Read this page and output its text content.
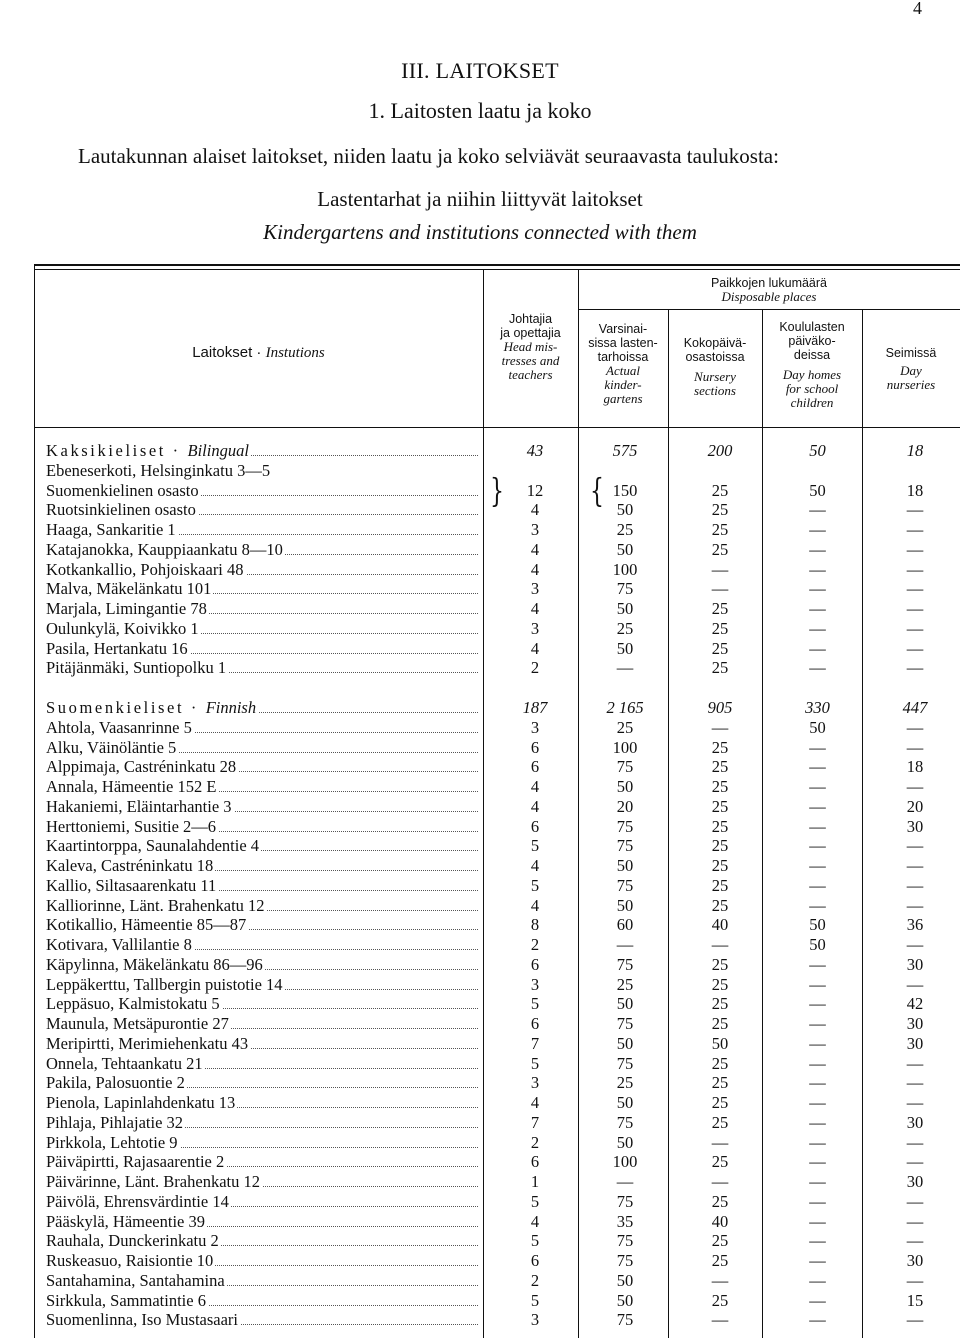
4
III. LAITOKSET
1. Laitosten laatu ja koko
Lautakunnan alaiset laitokset, niiden laatu ja koko selviävät seuraavasta taulukosta:
Lastentarhat ja niihin liittyvät laitokset
Kindergartens and institutions connected with them
Laitokset · Instutions
Johtajia
ja opettajia
Head mis-
tresses and
teachers
Paikkojen lukumäärä
Disposable places
Varsinai-
sissa lasten-
tarhoissa
Actual
kinder-
gartens
Kokopäivä-
osastoissa
Nursery
sections
Koululasten
päiväko-
deissa
Day homes
for school
children
Seimissä
Day
nurseries
Kaksikieliset · Bilingual	43	575	200	50	18
Ebeneserkoti, Helsinginkatu 3—5
Suomenkielinen osasto	12	150	25	50	18
Ruotsinkielinen osasto	4	50	25	—	—
Haaga, Sankaritie 1	3	25	25	—	—
Katajanokka, Kauppiaankatu 8—10	4	50	25	—	—
Kotkankallio, Pohjoiskaari 48	4	100	—	—	—
Malva, Mäkelänkatu 101	3	75	—	—	—
Marjala, Limingantie 78	4	50	25	—	—
Oulunkylä, Koivikko 1	3	25	25	—	—
Pasila, Hertankatu 16	4	50	25	—	—
Pitäjänmäki, Suntiopolku 1	2	—	25	—	—
Suomenkieliset · Finnish	187	2 165	905	330	447
Ahtola, Vaasanrinne 5	3	25	—	50	—
Alku, Väinöläntie 5	6	100	25	—	—
Alppimaja, Castréninkatu 28	6	75	25	—	18
Annala, Hämeentie 152 E	4	50	25	—	—
Hakaniemi, Eläintarhantie 3	4	20	25	—	20
Herttoniemi, Susitie 2—6	6	75	25	—	30
Kaartintorppa, Saunalahdentie 4	5	75	25	—	—
Kaleva, Castréninkatu 18	4	50	25	—	—
Kallio, Siltasaarenkatu 11	5	75	25	—	—
Kalliorinne, Länt. Brahenkatu 12	4	50	25	—	—
Kotikallio, Hämeentie 85—87	8	60	40	50	36
Kotivara, Vallilantie 8	2	—	—	50	—
Käpylinna, Mäkelänkatu 86—96	6	75	25	—	30
Leppäkerttu, Tallbergin puistotie 14	3	25	25	—	—
Leppäsuo, Kalmistokatu 5	5	50	25	—	42
Maunula, Metsäpurontie 27	6	75	25	—	30
Meripirtti, Merimiehenkatu 43	7	50	50	—	30
Onnela, Tehtaankatu 21	5	75	25	—	—
Pakila, Palosuontie 2	3	25	25	—	—
Pienola, Lapinlahdenkatu 13	4	50	25	—	—
Pihlaja, Pihlajatie 32	7	75	25	—	30
Pirkkola, Lehtotie 9	2	50	—	—	—
Päiväpirtti, Rajasaarentie 2	6	100	25	—	—
Päivärinne, Länt. Brahenkatu 12	1	—	—	—	30
Päivölä, Ehrensvärdintie 14	5	75	25	—	—
Pääskylä, Hämeentie 39	4	35	40	—	—
Rauhala, Dunckerinkatu 2	5	75	25	—	—
Ruskeasuo, Raisiontie 10	6	75	25	—	30
Santahamina, Santahamina	2	50	—	—	—
Sirkkula, Sammatintie 6	5	50	25	—	15
Suomenlinna, Iso Mustasaari	3	75	—	—	—
}	{
